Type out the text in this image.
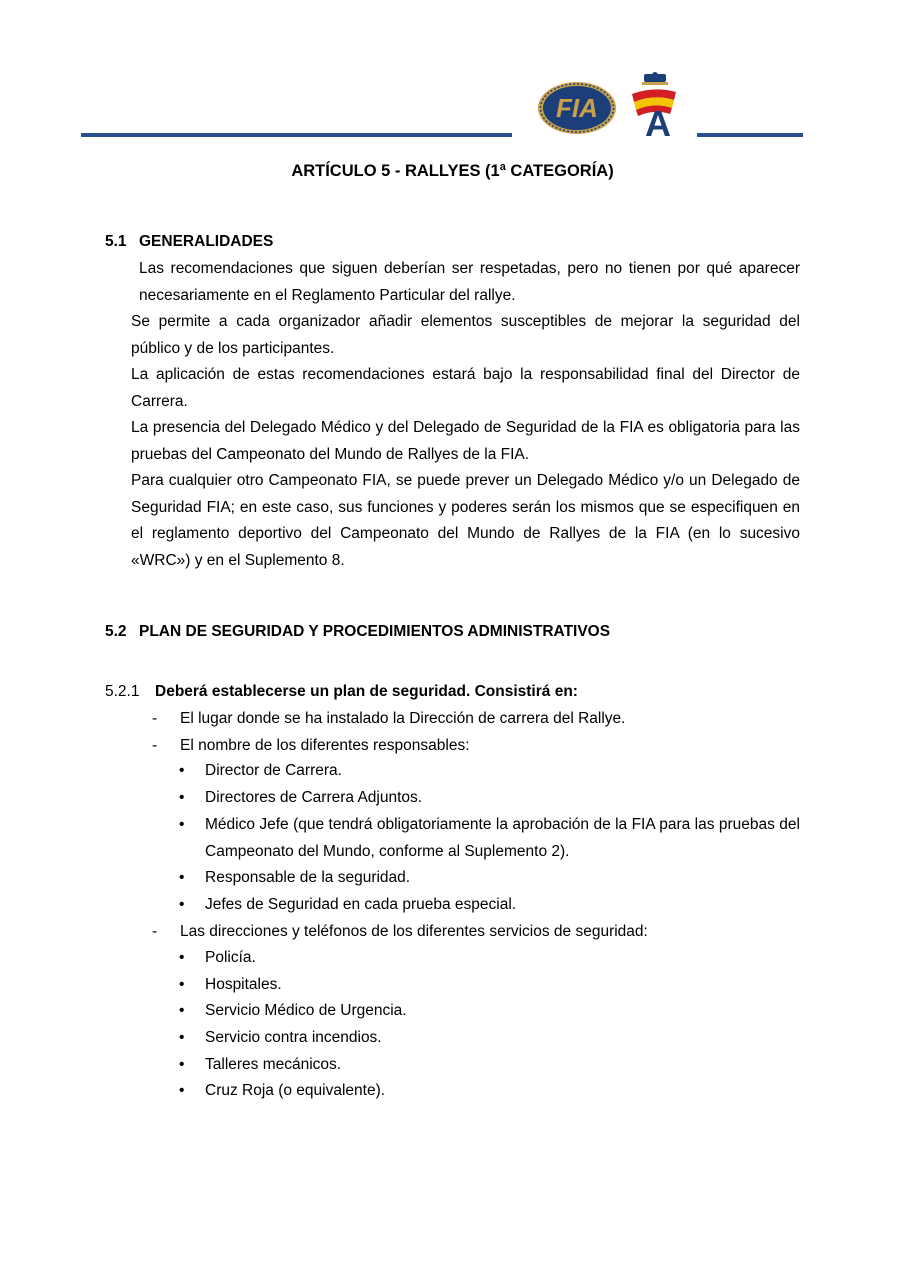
FIA A
ARTÍCULO 5 - RALLYES (1ª CATEGORÍA)
5.1 GENERALIDADES
Las recomendaciones que siguen deberían ser respetadas, pero no tienen por qué aparecer necesariamente en el Reglamento Particular del rallye.
Se permite a cada organizador añadir elementos susceptibles de mejorar la seguridad del público y de los participantes.
La aplicación de estas recomendaciones estará bajo la responsabilidad final del Director de Carrera.
La presencia del Delegado Médico y del Delegado de Seguridad de la FIA es obligatoria para las pruebas del Campeonato del Mundo de Rallyes de la FIA.
Para cualquier otro Campeonato FIA, se puede prever un Delegado Médico y/o un Delegado de Seguridad FIA; en este caso, sus funciones y poderes serán los mismos que se especifiquen en el reglamento deportivo del Campeonato del Mundo de Rallyes de la FIA (en lo sucesivo «WRC») y en el Suplemento 8.
5.2 PLAN DE SEGURIDAD Y PROCEDIMIENTOS ADMINISTRATIVOS
5.2.1 Deberá establecerse un plan de seguridad. Consistirá en:
- El lugar donde se ha instalado la Dirección de carrera del Rallye.
- El nombre de los diferentes responsables:
• Director de Carrera.
• Directores de Carrera Adjuntos.
• Médico Jefe (que tendrá obligatoriamente la aprobación de la FIA para las pruebas del Campeonato del Mundo, conforme al Suplemento 2).
• Responsable de la seguridad.
• Jefes de Seguridad en cada prueba especial.
- Las direcciones y teléfonos de los diferentes servicios de seguridad:
• Policía.
• Hospitales.
• Servicio Médico de Urgencia.
• Servicio contra incendios.
• Talleres mecánicos.
• Cruz Roja (o equivalente).
